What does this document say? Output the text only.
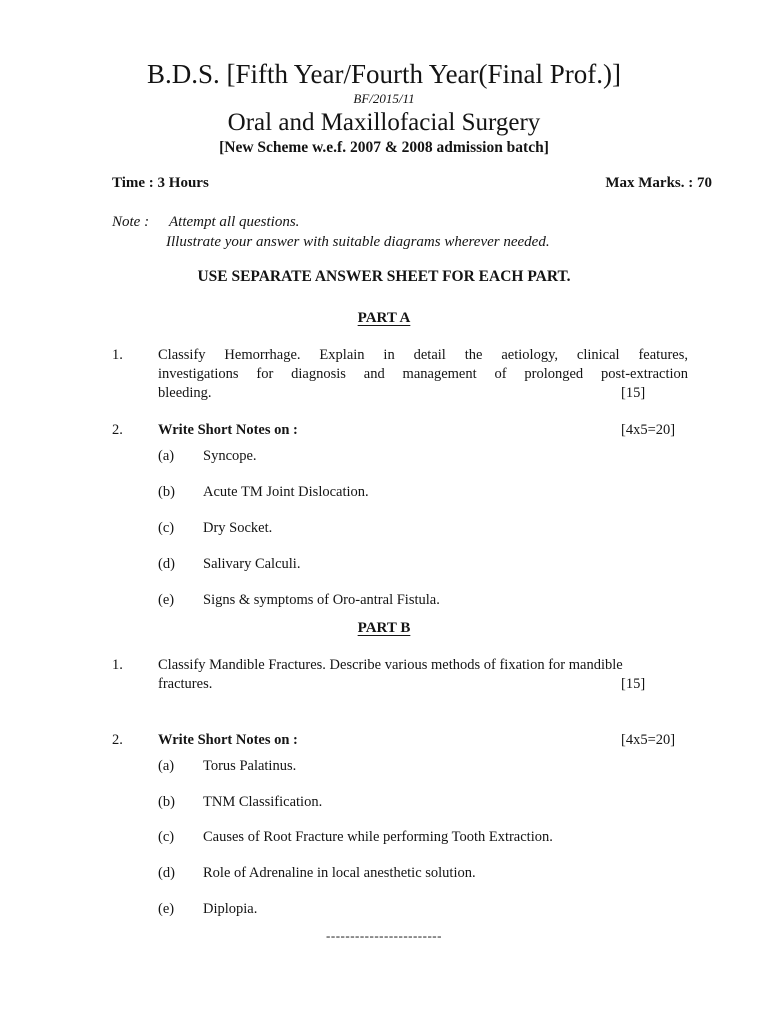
B.D.S. [Fifth Year/Fourth Year(Final Prof.)]
BF/2015/11
Oral and Maxillofacial Surgery
[New Scheme w.e.f. 2007 & 2008 admission batch]
Time : 3 Hours	Max Marks. : 70
Note : Attempt all questions.
Illustrate your answer with suitable diagrams wherever needed.
USE SEPARATE ANSWER SHEET FOR EACH PART.
PART A
1. Classify Hemorrhage. Explain in detail the aetiology, clinical features,
investigations for diagnosis and management of prolonged post-extraction
bleeding.	[15]
2. Write Short Notes on :	[4x5=20]
(a) Syncope.
(b) Acute TM Joint Dislocation.
(c) Dry Socket.
(d) Salivary Calculi.
(e) Signs & symptoms of Oro-antral Fistula.
PART B
1. Classify Mandible Fractures. Describe various methods of fixation for mandible
fractures.	[15]
2. Write Short Notes on :	[4x5=20]
(a) Torus Palatinus.
(b) TNM Classification.
(c) Causes of Root Fracture while performing Tooth Extraction.
(d) Role of Adrenaline in local anesthetic solution.
(e) Diplopia.
------------------------
